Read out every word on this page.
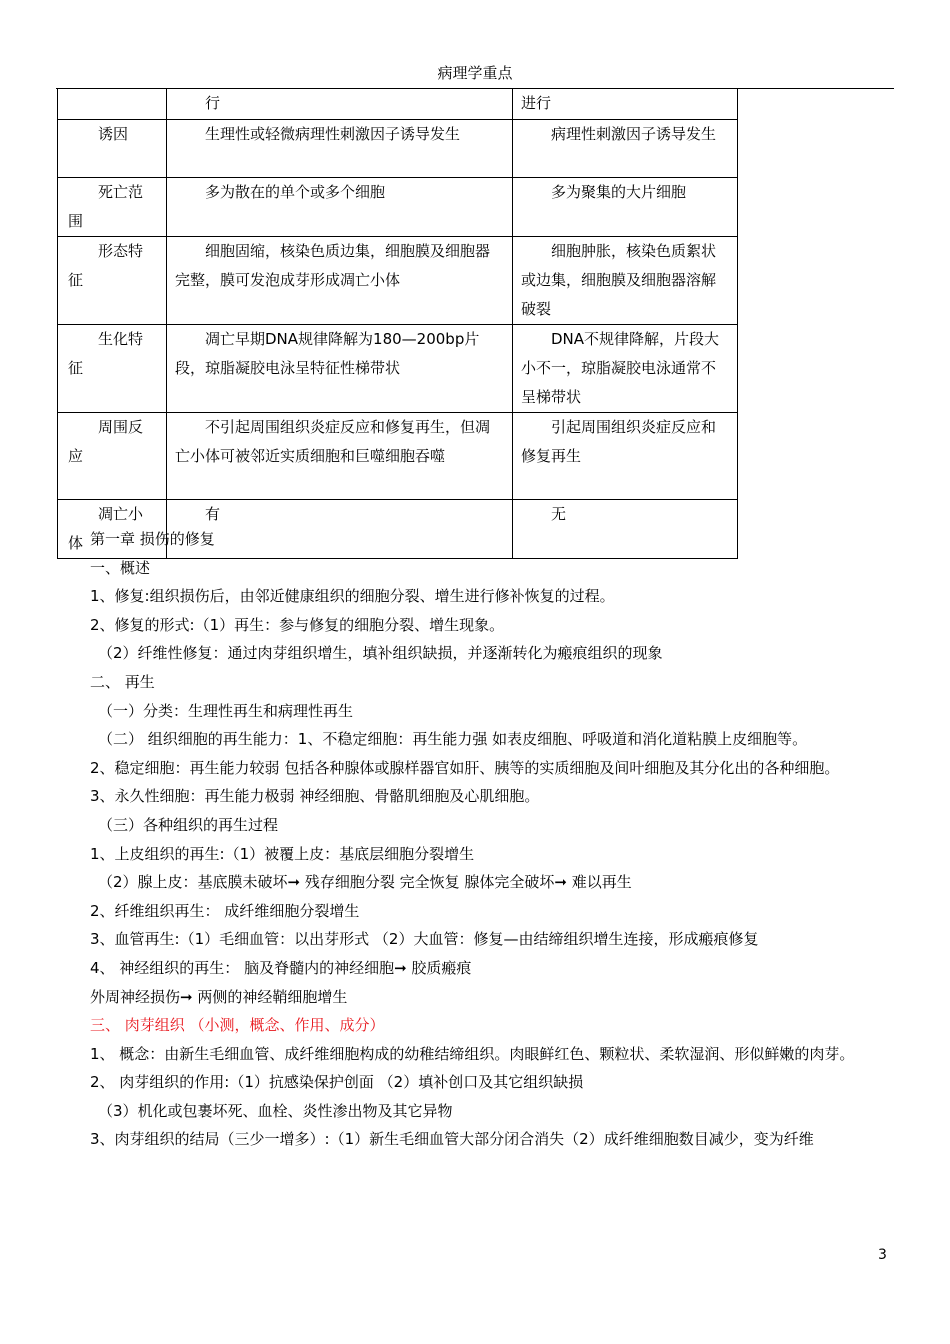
病理学重点

	行	进行

诱因	生理性或轻微病理性刺激因子诱导发生	病理性刺激因子诱导发生

死亡范围	多为散在的单个或多个细胞	多为聚集的大片细胞

形态特征	细胞固缩，核染色质边集，细胞膜及细胞器完整，膜可发泡成芽形成凋亡小体	细胞肿胀，核染色质絮状或边集，细胞膜及细胞器溶解破裂

生化特征	凋亡早期DNA规律降解为180—200bp片段，琼脂凝胶电泳呈特征性梯带状	DNA不规律降解，片段大小不一，琼脂凝胶电泳通常不呈梯带状

周围反应	不引起周围组织炎症反应和修复再生，但凋亡小体可被邻近实质细胞和巨噬细胞吞噬	引起周围组织炎症反应和修复再生

凋亡小体	有	无

第一章 损伤的修复

一、概述

1、修复:组织损伤后，由邻近健康组织的细胞分裂、增生进行修补恢复的过程。

2、修复的形式:（1）再生：参与修复的细胞分裂、增生现象。

（2）纤维性修复：通过肉芽组织增生，填补组织缺损，并逐渐转化为瘢痕组织的现象

二、 再生

（一）分类：生理性再生和病理性再生

（二） 组织细胞的再生能力：1、不稳定细胞：再生能力强 如表皮细胞、呼吸道和消化道粘膜上皮细胞等。

2、稳定细胞：再生能力较弱 包括各种腺体或腺样器官如肝、胰等的实质细胞及间叶细胞及其分化出的各种细胞。

3、永久性细胞：再生能力极弱 神经细胞、骨骼肌细胞及心肌细胞。

（三）各种组织的再生过程

1、上皮组织的再生:（1）被覆上皮：基底层细胞分裂增生

（2）腺上皮：基底膜未破坏➞ 残存细胞分裂 完全恢复 腺体完全破坏➞ 难以再生

2、纤维组织再生： 成纤维细胞分裂增生

3、血管再生:（1）毛细血管：以出芽形式 （2）大血管：修复—由结缔组织增生连接，形成瘢痕修复

4、 神经组织的再生： 脑及脊髓内的神经细胞➞ 胶质瘢痕

外周神经损伤➞ 两侧的神经鞘细胞增生

三、 肉芽组织 （小测，概念、作用、成分）

1、 概念：由新生毛细血管、成纤维细胞构成的幼稚结缔组织。肉眼鲜红色、颗粒状、柔软湿润、形似鲜嫩的肉芽。

2、 肉芽组织的作用:（1）抗感染保护创面 （2）填补创口及其它组织缺损

（3）机化或包裹坏死、血栓、炎性渗出物及其它异物

3、肉芽组织的结局（三少一增多）:（1）新生毛细血管大部分闭合消失（2）成纤维细胞数目减少，变为纤维

3
